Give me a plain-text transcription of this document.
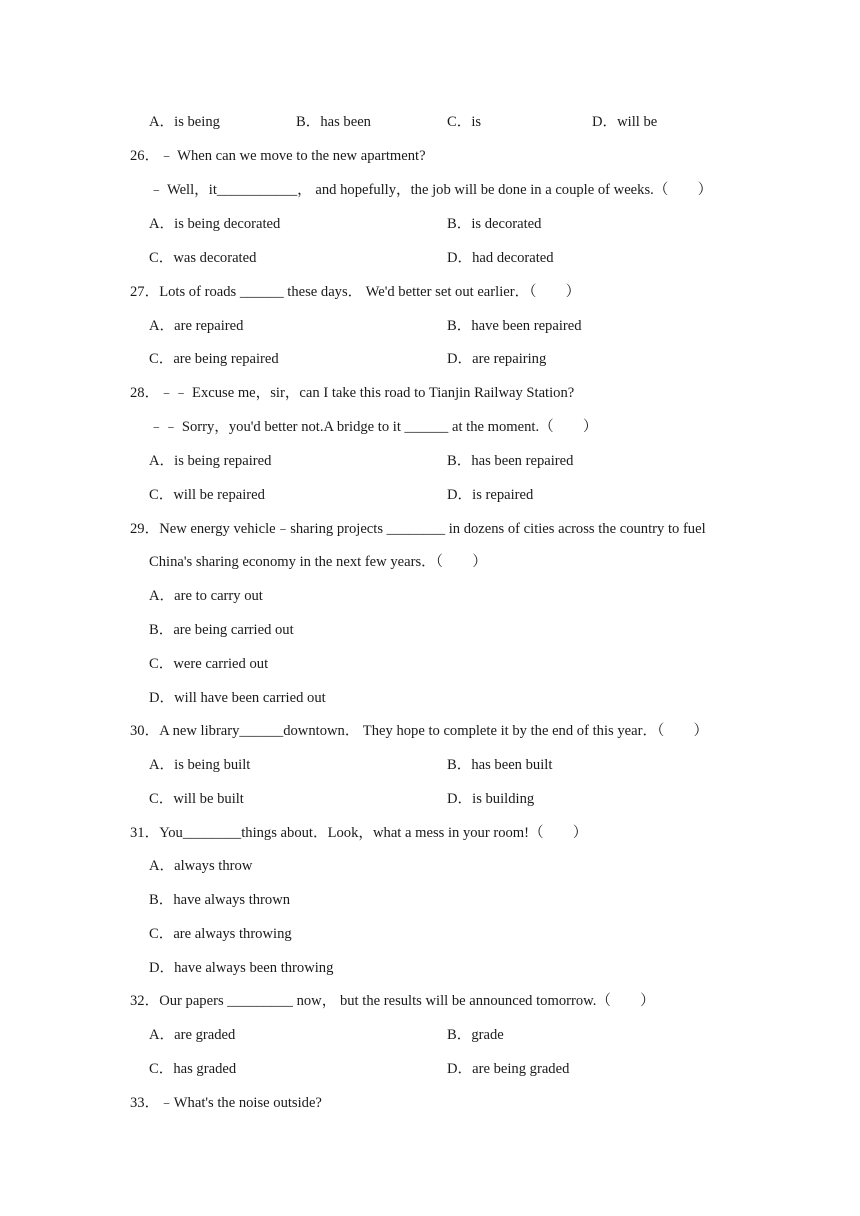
A．is being	B．has been	C．is	D．will be
26．﹣ When can we move to the new apartment?
﹣ Well，it___________， and hopefully，the job will be done in a couple of weeks.（　　）
A．is being decorated	B．is decorated
C．was decorated	D．had decorated
27．Lots of roads ______ these days． We'd better set out earlier．（　　）
A．are repaired	B．have been repaired
C．are being repaired	D．are repairing
28．﹣﹣ Excuse me，sir，can I take this road to Tianjin Railway Station?
﹣﹣ Sorry，you'd better not.A bridge to it ______ at the moment.（　　）
A．is being repaired	B．has been repaired
C．will be repaired	D．is repaired
29．New energy vehicle﹣sharing projects ________ in dozens of cities across the country to fuel
China's sharing economy in the next few years．（　　）
A．are to carry out
B．are being carried out
C．were carried out
D．will have been carried out
30．A new library______downtown． They hope to complete it by the end of this year．（　　）
A．is being built	B．has been built
C．will be built	D．is building
31．You________things about．Look，what a mess in your room!（　　）
A．always throw
B．have always thrown
C．are always throwing
D．have always been throwing
32．Our papers _________ now， but the results will be announced tomorrow.（　　）
A．are graded	B．grade
C．has graded	D．are being graded
33．﹣What's the noise outside?
